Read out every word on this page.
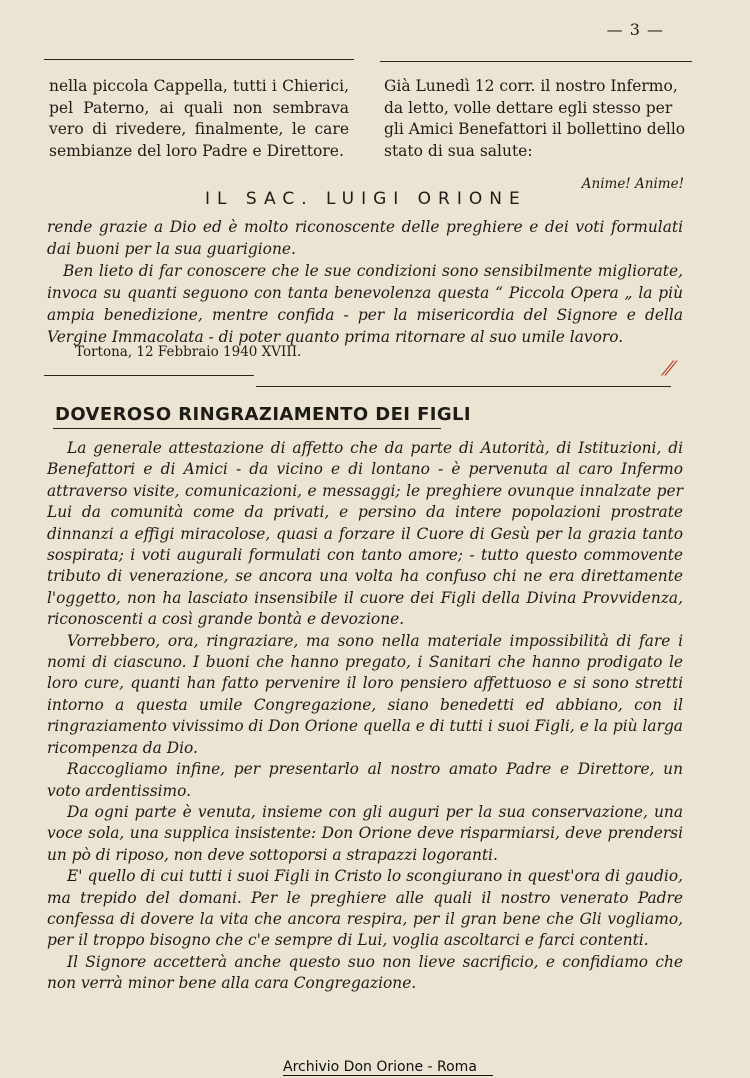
— 3 —

nella piccola Cappella, tutti i Chierici, pel Paterno, ai quali non sembrava vero di rivedere, finalmente, le care sembianze del loro Padre e Direttore.

Già Lunedì 12 corr. il nostro Infermo, da letto, volle dettare egli stesso per gli Amici Benefattori il bollettino dello stato di sua salute:

Anime! Anime!
IL SAC. LUIGI ORIONE

rende grazie a Dio ed è molto riconoscente delle preghiere e dei voti formulati dai buoni per la sua guarigione.

Ben lieto di far conoscere che le sue condizioni sono sensibilmente migliorate, invoca su quanti seguono con tanta benevolenza questa “ Piccola Opera „ la più ampia benedizione, mentre confida - per la misericordia del Signore e della Vergine Immacolata - di poter quanto prima ritornare al suo umile lavoro.

Tortona, 12 Febbraio 1940 XVIII.
⁄⁄
DOVEROSO RINGRAZIAMENTO DEI FIGLI

La generale attestazione di affetto che da parte di Autorità, di Istituzioni, di Benefattori e di Amici - da vicino e di lontano - è pervenuta al caro Infermo attraverso visite, comunicazioni, e messaggi; le preghiere ovunque innalzate per Lui da comunità come da privati, e persino da intere popolazioni prostrate dinnanzi a effigi miracolose, quasi a forzare il Cuore di Gesù per la grazia tanto sospirata; i voti augurali formulati con tanto amore; - tutto questo commovente tributo di venerazione, se ancora una volta ha confuso chi ne era direttamente l'oggetto, non ha lasciato insensibile il cuore dei Figli della Divina Provvidenza, riconoscenti a così grande bontà e devozione.

Vorrebbero, ora, ringraziare, ma sono nella materiale impossibilità di fare i nomi di ciascuno. I buoni che hanno pregato, i Sanitari che hanno prodigato le loro cure, quanti han fatto pervenire il loro pensiero affettuoso e si sono stretti intorno a questa umile Congregazione, siano benedetti ed abbiano, con il ringraziamento vivissimo di Don Orione quella e di tutti i suoi Figli, e la più larga ricompenza da Dio.

Raccogliamo infine, per presentarlo al nostro amato Padre e Direttore, un voto ardentissimo.

Da ogni parte è venuta, insieme con gli auguri per la sua conservazione, una voce sola, una supplica insistente: Don Orione deve risparmiarsi, deve prendersi un pò di riposo, non deve sottoporsi a strapazzi logoranti.

E' quello di cui tutti i suoi Figli in Cristo lo scongiurano in quest'ora di gaudio, ma trepido del domani. Per le preghiere alle quali il nostro venerato Padre confessa di dovere la vita che ancora respira, per il gran bene che Gli vogliamo, per il troppo bisogno che c'e sempre di Lui, voglia ascoltarci e farci contenti.

Il Signore accetterà anche questo suo non lieve sacrificio, e confidiamo che non verrà minor bene alla cara Congregazione.

Archivio Don Orione - Roma
